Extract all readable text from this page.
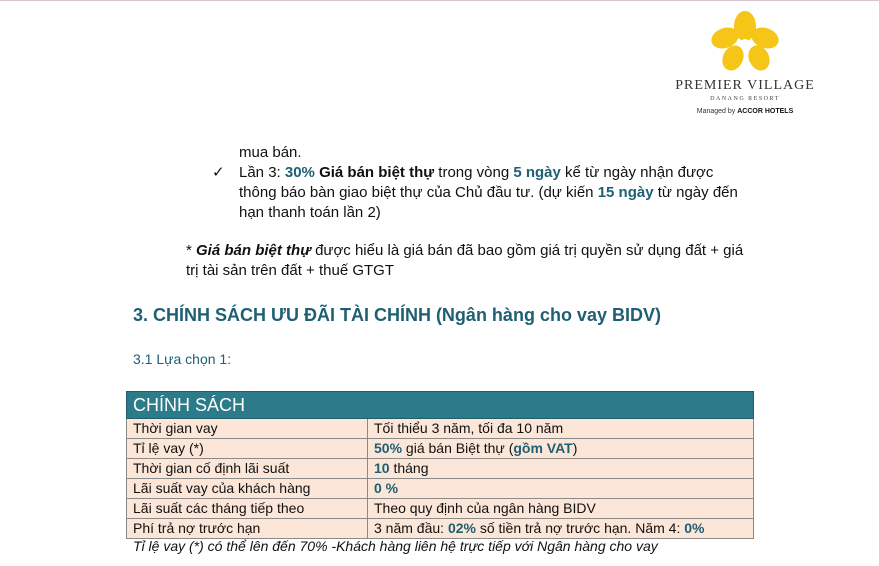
PREMIER VILLAGE
DANANG RESORT
Managed by ACCOR HOTELS
mua bán.
✓ Lần 3: 30% Giá bán biệt thự trong vòng 5 ngày kể từ ngày nhận được
thông báo bàn giao biệt thự của Chủ đầu tư. (dự kiến 15 ngày từ ngày đến
hạn thanh toán lần 2)
* Giá bán biệt thự được hiểu là giá bán đã bao gồm giá trị quyền sử dụng đất + giá
trị tài sản trên đất + thuế GTGT
3. CHÍNH SÁCH ƯU ĐÃI TÀI CHÍNH (Ngân hàng cho vay BIDV)
3.1 Lựa chọn 1:
CHÍNH SÁCH	
Thời gian vay	Tối thiểu 3 năm, tối đa 10 năm
Tỉ lệ vay (*)	50% giá bán Biệt thự (gồm VAT)
Thời gian cố định lãi suất	10 tháng
Lãi suất vay của khách hàng	0 %
Lãi suất các tháng tiếp theo	Theo quy định của ngân hàng BIDV
Phí trả nợ trước hạn	3 năm đầu: 02% số tiền trả nợ trước hạn. Năm 4: 0%
Tỉ lệ vay (*) có thể lên đến 70% -Khách hàng liên hệ trực tiếp với Ngân hàng cho vay
